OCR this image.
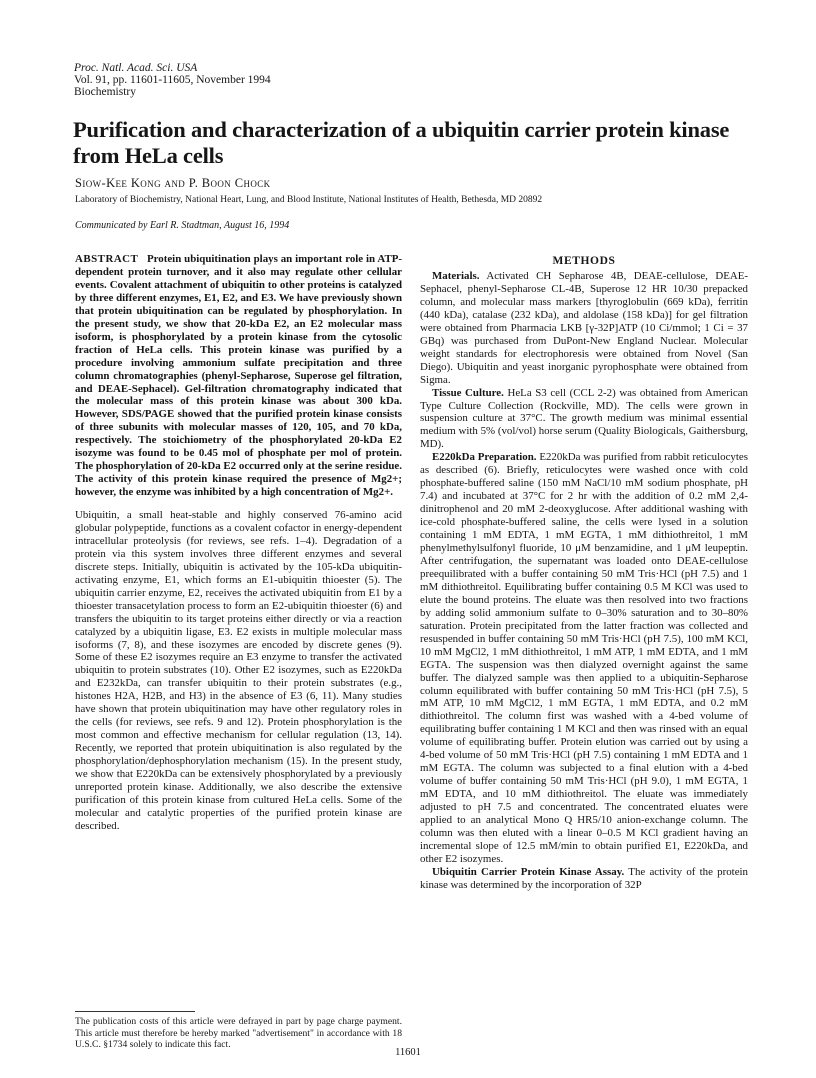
Proc. Natl. Acad. Sci. USA
Vol. 91, pp. 11601-11605, November 1994
Biochemistry
Purification and characterization of a ubiquitin carrier protein kinase from HeLa cells
Siow-Kee Kong and P. Boon Chock
Laboratory of Biochemistry, National Heart, Lung, and Blood Institute, National Institutes of Health, Bethesda, MD 20892
Communicated by Earl R. Stadtman, August 16, 1994

ABSTRACT Protein ubiquitination plays an important role in ATP-dependent protein turnover, and it also may regulate other cellular events. Covalent attachment of ubiquitin to other proteins is catalyzed by three different enzymes, E1, E2, and E3. We have previously shown that protein ubiquitination can be regulated by phosphorylation. In the present study, we show that 20-kDa E2, an E2 molecular mass isoform, is phosphorylated by a protein kinase from the cytosolic fraction of HeLa cells. This protein kinase was purified by a procedure involving ammonium sulfate precipitation and three column chromatographies (phenyl-Sepharose, Superose gel filtration, and DEAE-Sephacel). Gel-filtration chromatography indicated that the molecular mass of this protein kinase was about 300 kDa. However, SDS/PAGE showed that the purified protein kinase consists of three subunits with molecular masses of 120, 105, and 70 kDa, respectively. The stoichiometry of the phosphorylated 20-kDa E2 isozyme was found to be 0.45 mol of phosphate per mol of protein. The phosphorylation of 20-kDa E2 occurred only at the serine residue. The activity of this protein kinase required the presence of Mg2+; however, the enzyme was inhibited by a high concentration of Mg2+.

Ubiquitin, a small heat-stable and highly conserved 76-amino acid globular polypeptide, functions as a covalent cofactor in energy-dependent intracellular proteolysis (for reviews, see refs. 1–4). Degradation of a protein via this system involves three different enzymes and several discrete steps. Initially, ubiquitin is activated by the 105-kDa ubiquitin-activating enzyme, E1, which forms an E1-ubiquitin thioester (5). The ubiquitin carrier enzyme, E2, receives the activated ubiquitin from E1 by a thioester transacetylation process to form an E2-ubiquitin thioester (6) and transfers the ubiquitin to its target proteins either directly or via a reaction catalyzed by a ubiquitin ligase, E3. E2 exists in multiple molecular mass isoforms (7, 8), and these isozymes are encoded by discrete genes (9). Some of these E2 isozymes require an E3 enzyme to transfer the activated ubiquitin to protein substrates (10). Other E2 isozymes, such as E220kDa and E232kDa, can transfer ubiquitin to their protein substrates (e.g., histones H2A, H2B, and H3) in the absence of E3 (6, 11). Many studies have shown that protein ubiquitination may have other regulatory roles in the cells (for reviews, see refs. 9 and 12). Protein phosphorylation is the most common and effective mechanism for cellular regulation (13, 14). Recently, we reported that protein ubiquitination is also regulated by the phosphorylation/dephosphorylation mechanism (15). In the present study, we show that E220kDa can be extensively phosphorylated by a previously unreported protein kinase. Additionally, we also describe the extensive purification of this protein kinase from cultured HeLa cells. Some of the molecular and catalytic properties of the purified protein kinase are described.

The publication costs of this article were defrayed in part by page charge payment. This article must therefore be hereby marked "advertisement" in accordance with 18 U.S.C. §1734 solely to indicate this fact.
METHODS

Materials. Activated CH Sepharose 4B, DEAE-cellulose, DEAE-Sephacel, phenyl-Sepharose CL-4B, Superose 12 HR 10/30 prepacked column, and molecular mass markers [thyroglobulin (669 kDa), ferritin (440 kDa), catalase (232 kDa), and aldolase (158 kDa)] for gel filtration were obtained from Pharmacia LKB [γ-32P]ATP (10 Ci/mmol; 1 Ci = 37 GBq) was purchased from DuPont-New England Nuclear. Molecular weight standards for electrophoresis were obtained from Novel (San Diego). Ubiquitin and yeast inorganic pyrophosphate were obtained from Sigma.

Tissue Culture. HeLa S3 cell (CCL 2-2) was obtained from American Type Culture Collection (Rockville, MD). The cells were grown in suspension culture at 37°C. The growth medium was minimal essential medium with 5% (vol/vol) horse serum (Quality Biologicals, Gaithersburg, MD).

E220kDa Preparation. E220kDa was purified from rabbit reticulocytes as described (6). Briefly, reticulocytes were washed once with cold phosphate-buffered saline (150 mM NaCl/10 mM sodium phosphate, pH 7.4) and incubated at 37°C for 2 hr with the addition of 0.2 mM 2,4-dinitrophenol and 20 mM 2-deoxyglucose. After additional washing with ice-cold phosphate-buffered saline, the cells were lysed in a solution containing 1 mM EDTA, 1 mM EGTA, 1 mM dithiothreitol, 1 mM phenylmethylsulfonyl fluoride, 10 μM benzamidine, and 1 μM leupeptin. After centrifugation, the supernatant was loaded onto DEAE-cellulose preequilibrated with a buffer containing 50 mM Tris·HCl (pH 7.5) and 1 mM dithiothreitol. Equilibrating buffer containing 0.5 M KCl was used to elute the bound proteins. The eluate was then resolved into two fractions by adding solid ammonium sulfate to 0–30% saturation and to 30–80% saturation. Protein precipitated from the latter fraction was collected and resuspended in buffer containing 50 mM Tris·HCl (pH 7.5), 100 mM KCl, 10 mM MgCl2, 1 mM dithiothreitol, 1 mM ATP, 1 mM EDTA, and 1 mM EGTA. The suspension was then dialyzed overnight against the same buffer. The dialyzed sample was then applied to a ubiquitin-Sepharose column equilibrated with buffer containing 50 mM Tris·HCl (pH 7.5), 5 mM ATP, 10 mM MgCl2, 1 mM EGTA, 1 mM EDTA, and 0.2 mM dithiothreitol. The column first was washed with a 4-bed volume of equilibrating buffer containing 1 M KCl and then was rinsed with an equal volume of equilibrating buffer. Protein elution was carried out by using a 4-bed volume of 50 mM Tris·HCl (pH 7.5) containing 1 mM EDTA and 1 mM EGTA. The column was subjected to a final elution with a 4-bed volume of buffer containing 50 mM Tris·HCl (pH 9.0), 1 mM EGTA, 1 mM EDTA, and 10 mM dithiothreitol. The eluate was immediately adjusted to pH 7.5 and concentrated. The concentrated eluates were applied to an analytical Mono Q HR5/10 anion-exchange column. The column was then eluted with a linear 0–0.5 M KCl gradient having an incremental slope of 12.5 mM/min to obtain purified E1, E220kDa, and other E2 isozymes.

Ubiquitin Carrier Protein Kinase Assay. The activity of the protein kinase was determined by the incorporation of 32P

11601
